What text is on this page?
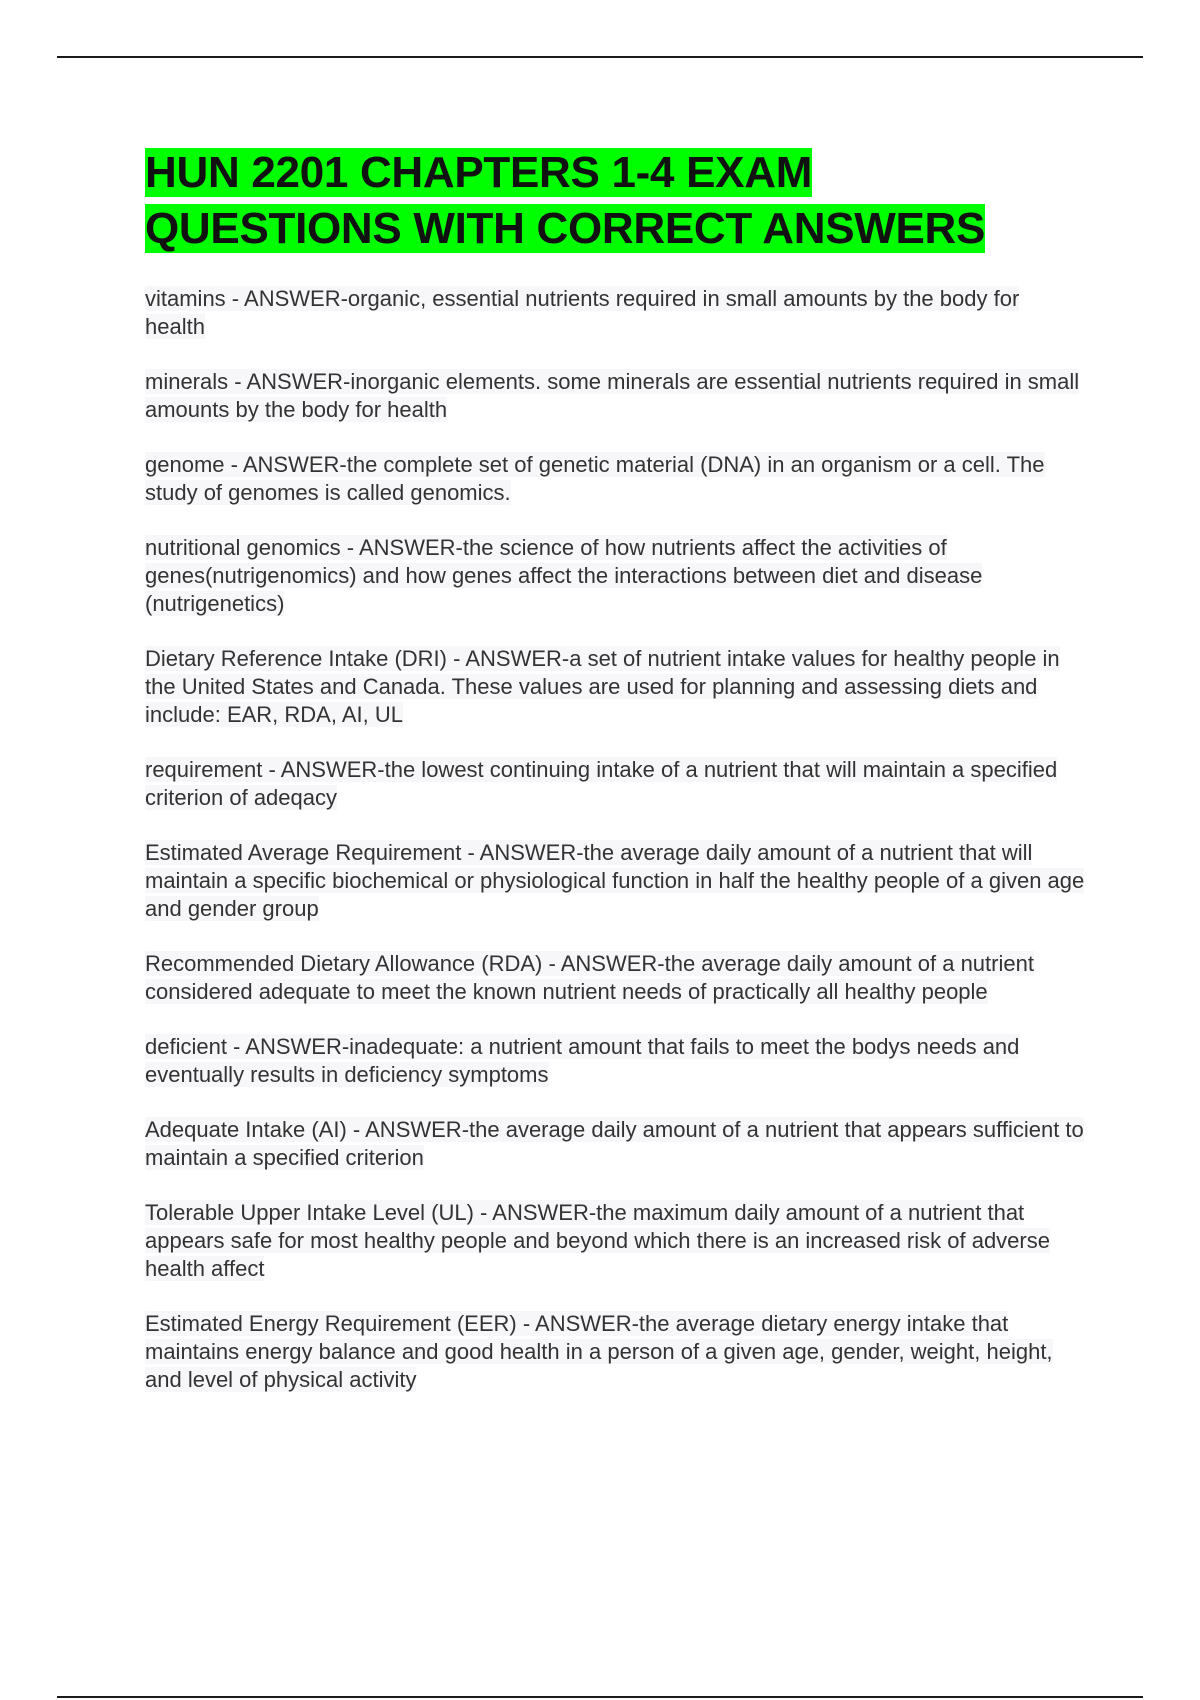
HUN 2201 CHAPTERS 1-4 EXAM
QUESTIONS WITH CORRECT ANSWERS
vitamins - ANSWER-organic, essential nutrients required in small amounts by the body for health
minerals - ANSWER-inorganic elements. some minerals are essential nutrients required in small amounts by the body for health
genome - ANSWER-the complete set of genetic material (DNA) in an organism or a cell. The study of genomes is called genomics.
nutritional genomics - ANSWER-the science of how nutrients affect the activities of genes(nutrigenomics) and how genes affect the interactions between diet and disease (nutrigenetics)
Dietary Reference Intake (DRI) - ANSWER-a set of nutrient intake values for healthy people in the United States and Canada. These values are used for planning and assessing diets and include: EAR, RDA, AI, UL
requirement - ANSWER-the lowest continuing intake of a nutrient that will maintain a specified criterion of adeqacy
Estimated Average Requirement - ANSWER-the average daily amount of a nutrient that will maintain a specific biochemical or physiological function in half the healthy people of a given age and gender group
Recommended Dietary Allowance (RDA) - ANSWER-the average daily amount of a nutrient considered adequate to meet the known nutrient needs of practically all healthy people
deficient - ANSWER-inadequate: a nutrient amount that fails to meet the bodys needs and eventually results in deficiency symptoms
Adequate Intake (AI) - ANSWER-the average daily amount of a nutrient that appears sufficient to maintain a specified criterion
Tolerable Upper Intake Level (UL) - ANSWER-the maximum daily amount of a nutrient that appears safe for most healthy people and beyond which there is an increased risk of adverse health affect
Estimated Energy Requirement (EER) - ANSWER-the average dietary energy intake that maintains energy balance and good health in a person of a given age, gender, weight, height, and level of physical activity
